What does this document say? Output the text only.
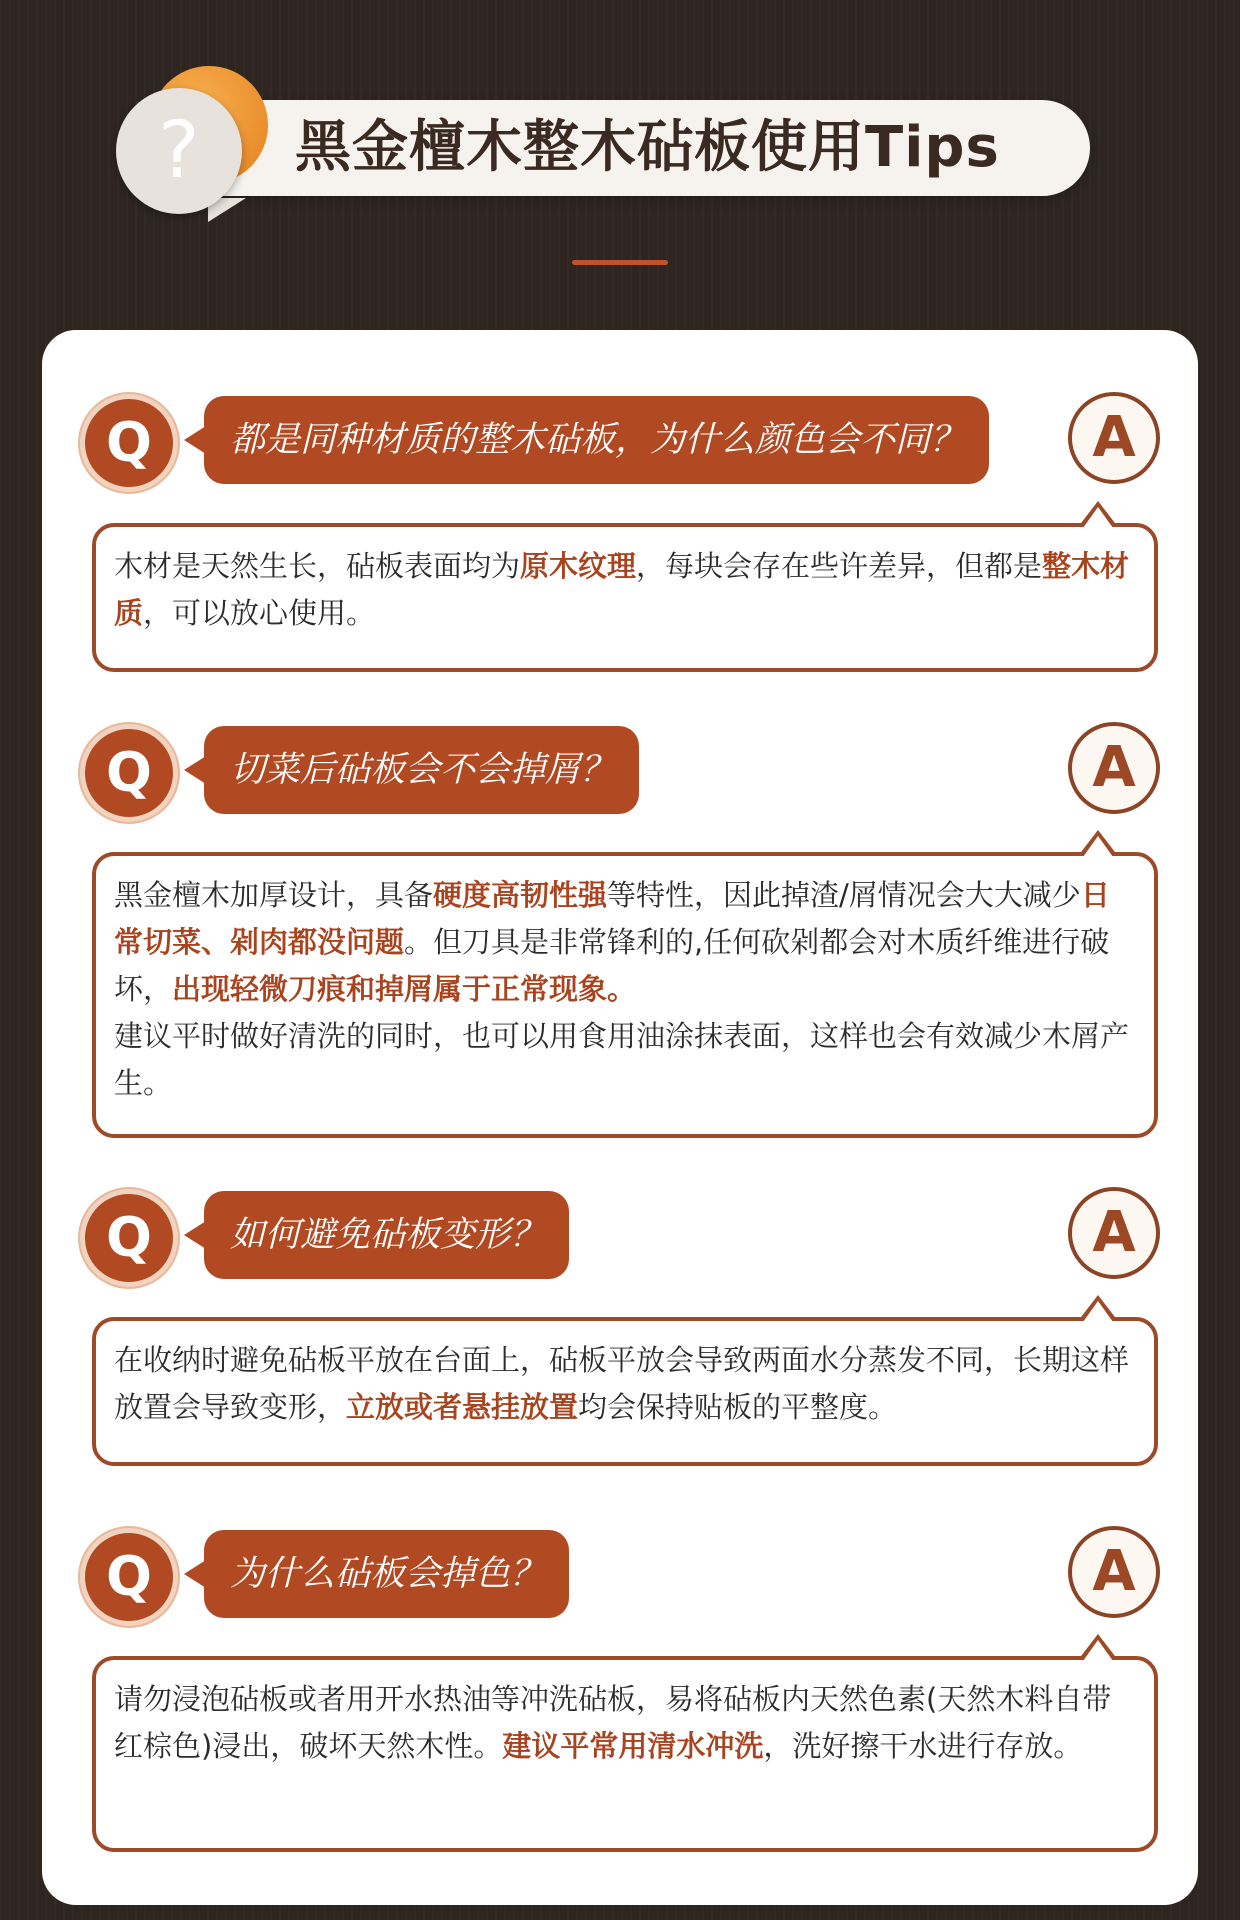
黑金檀木整木砧板使用Tips
?
Q	都是同种材质的整木砧板，为什么颜色会不同？	A
木材是天然生长，砧板表面均为原木纹理，每块会存在些许差异，但都是整木材质，可以放心使用。
Q	切菜后砧板会不会掉屑？	A
黑金檀木加厚设计，具备硬度高韧性强等特性，因此掉渣/屑情况会大大减少日常切菜、剁肉都没问题。但刀具是非常锋利的,任何砍剁都会对木质纤维进行破坏，出现轻微刀痕和掉屑属于正常现象。
建议平时做好清洗的同时，也可以用食用油涂抹表面，这样也会有效减少木屑产生。
Q	如何避免砧板变形？	A
在收纳时避免砧板平放在台面上，砧板平放会导致两面水分蒸发不同，长期这样放置会导致变形，立放或者悬挂放置均会保持贴板的平整度。
Q	为什么砧板会掉色？	A
请勿浸泡砧板或者用开水热油等冲洗砧板，易将砧板内天然色素(天然木料自带红棕色)浸出，破坏天然木性。建议平常用清水冲洗，洗好擦干水进行存放。
